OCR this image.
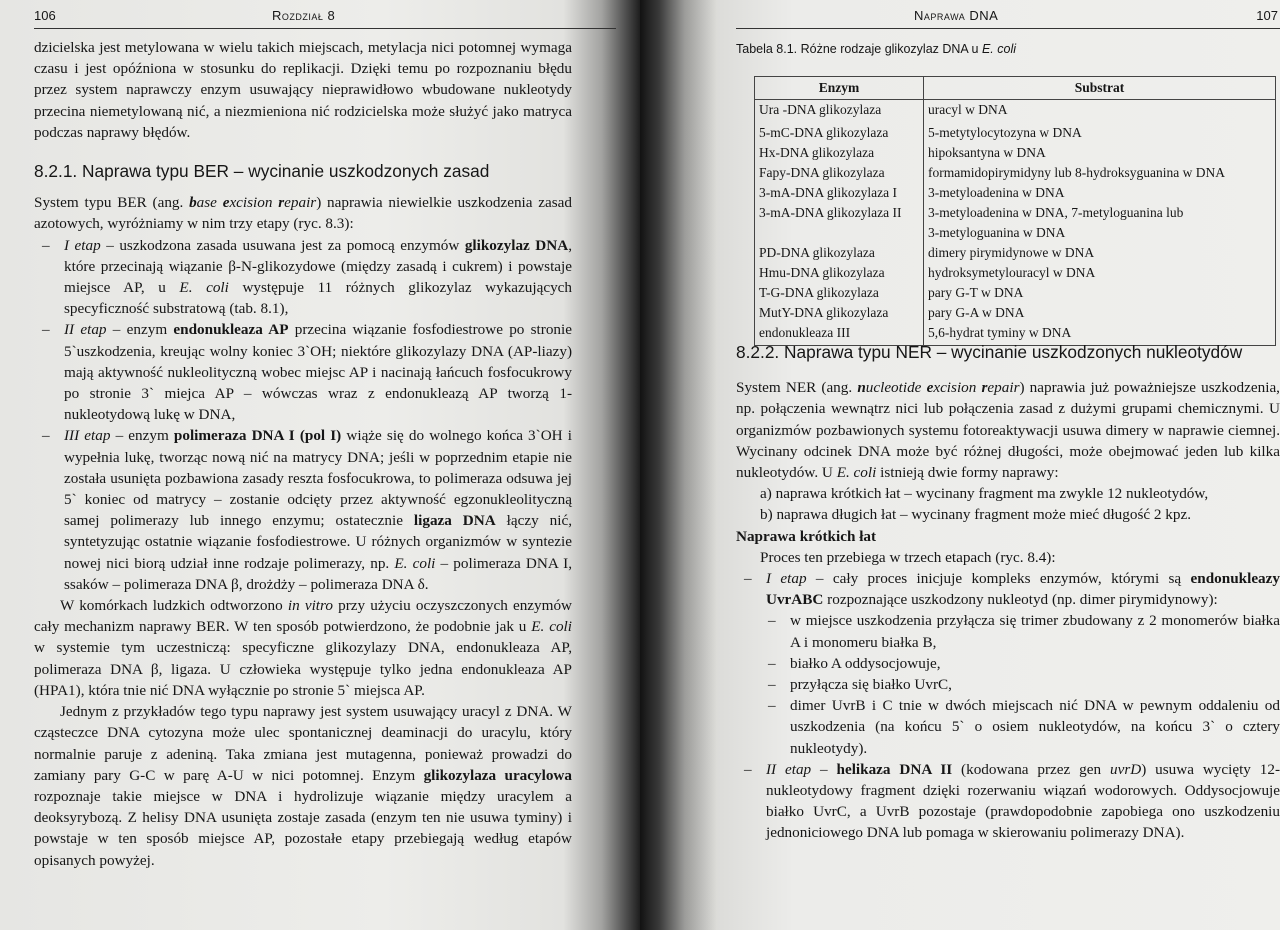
106	Rozdział 8

dzicielska jest metylowana w wielu takich miejscach, metylacja nici potomnej wymaga czasu i jest opóźniona w stosunku do replikacji. Dzięki temu po rozpoznaniu błędu przez system naprawczy enzym usuwający nieprawidłowo wbudowane nukleotydy przecina niemetylowaną nić, a niezmieniona nić rodzicielska może służyć jako matryca podczas naprawy błędów.

8.2.1. Naprawa typu BER – wycinanie uszkodzonych zasad

System typu BER (ang. base excision repair) naprawia niewielkie uszkodzenia zasad azotowych, wyróżniamy w nim trzy etapy (ryc. 8.3):

– I etap – uszkodzona zasada usuwana jest za pomocą enzymów glikozylaz DNA, które przecinają wiązanie β-N-glikozydowe (między zasadą i cukrem) i powstaje miejsce AP, u E. coli występuje 11 różnych glikozylaz wykazujących specyficzność substratową (tab. 8.1),
– II etap – enzym endonukleaza AP przecina wiązanie fosfodiestrowe po stronie 5`uszkodzenia, kreując wolny koniec 3`OH; niektóre glikozylazy DNA (AP-liazy) mają aktywność nukleolityczną wobec miejsc AP i nacinają łańcuch fosfocukrowy po stronie 3` miejca AP – wówczas wraz z endonukleazą AP tworzą 1-nukleotydową lukę w DNA,
– III etap – enzym polimeraza DNA I (pol I) wiąże się do wolnego końca 3`OH i wypełnia lukę, tworząc nową nić na matrycy DNA; jeśli w poprzednim etapie nie została usunięta pozbawiona zasady reszta fosfocukrowa, to polimeraza odsuwa jej 5` koniec od matrycy – zostanie odcięty przez aktywność egzonukleolityczną samej polimerazy lub innego enzymu; ostatecznie ligaza DNA łączy nić, syntetyzując ostatnie wiązanie fosfodiestrowe. U różnych organizmów w syntezie nowej nici biorą udział inne rodzaje polimerazy, np. E. coli – polimeraza DNA I, ssaków – polimeraza DNA β, drożdży – polimeraza DNA δ.

W komórkach ludzkich odtworzono in vitro przy użyciu oczyszczonych enzymów cały mechanizm naprawy BER. W ten sposób potwierdzono, że podobnie jak u E. coli w systemie tym uczestniczą: specyficzne glikozylazy DNA, endonukleaza AP, polimeraza DNA β, ligaza. U człowieka występuje tylko jedna endonukleaza AP (HPA1), która tnie nić DNA wyłącznie po stronie 5` miejsca AP.

Jednym z przykładów tego typu naprawy jest system usuwający uracyl z DNA. W cząsteczce DNA cytozyna może ulec spontanicznej deaminacji do uracylu, który normalnie paruje z adeniną. Taka zmiana jest mutagenna, ponieważ prowadzi do zamiany pary G-C w parę A-U w nici potomnej. Enzym glikozylaza uracylowa rozpoznaje takie miejsce w DNA i hydrolizuje wiązanie między uracylem a deoksyrybozą. Z helisy DNA usunięta zostaje zasada (enzym ten nie usuwa tyminy) i powstaje w ten sposób miejsce AP, pozostałe etapy przebiegają według etapów opisanych powyżej.

Naprawa DNA	107
Tabela 8.1. Różne rodzaje glikozylaz DNA u E. coli
Enzym	Substrat
Ura -DNA glikozylaza	uracyl w DNA
5-mC-DNA glikozylaza	5-metytylocytozyna w DNA
Hx-DNA glikozylaza	hipoksantyna w DNA
Fapy-DNA glikozylaza	formamidopirymidyny lub 8-hydroksyguanina w DNA
3-mA-DNA glikozylaza I	3-metyloadenina w DNA
3-mA-DNA glikozylaza II	3-metyloadenina w DNA, 7-metyloguanina lub
	3-metyloguanina w DNA
PD-DNA glikozylaza	dimery pirymidynowe w DNA
Hmu-DNA glikozylaza	hydroksymetylouracyl w DNA
T-G-DNA glikozylaza	pary G-T w DNA
MutY-DNA glikozylaza	pary G-A w DNA
endonukleaza III	5,6-hydrat tyminy w DNA
8.2.2. Naprawa typu NER – wycinanie uszkodzonych nukleotydów

System NER (ang. nucleotide excision repair) naprawia już poważniejsze uszkodzenia, np. połączenia wewnątrz nici lub połączenia zasad z dużymi grupami chemicznymi. U organizmów pozbawionych systemu fotoreaktywacji usuwa dimery w naprawie ciemnej. Wycinany odcinek DNA może być różnej długości, może obejmować jeden lub kilka nukleotydów. U E. coli istnieją dwie formy naprawy:

a) naprawa krótkich łat – wycinany fragment ma zwykle 12 nukleotydów,
b) naprawa długich łat – wycinany fragment może mieć długość 2 kpz.

Naprawa krótkich łat

Proces ten przebiega w trzech etapach (ryc. 8.4):

– I etap – cały proces inicjuje kompleks enzymów, którymi są endonukleazy UvrABC rozpoznające uszkodzony nukleotyd (np. dimer pirymidynowy):
– w miejsce uszkodzenia przyłącza się trimer zbudowany z 2 monomerów białka A i monomeru białka B,
– białko A oddysocjowuje,
– przyłącza się białko UvrC,
– dimer UvrB i C tnie w dwóch miejscach nić DNA w pewnym oddaleniu od uszkodzenia (na końcu 5` o osiem nukleotydów, na końcu 3` o cztery nukleotydy).
– II etap – helikaza DNA II (kodowana przez gen uvrD) usuwa wycięty 12-nukleotydowy fragment dzięki rozerwaniu wiązań wodorowych. Oddysocjowuje białko UvrC, a UvrB pozostaje (prawdopodobnie zapobiega ono uszkodzeniu jednoniciowego DNA lub pomaga w skierowaniu polimerazy DNA).
